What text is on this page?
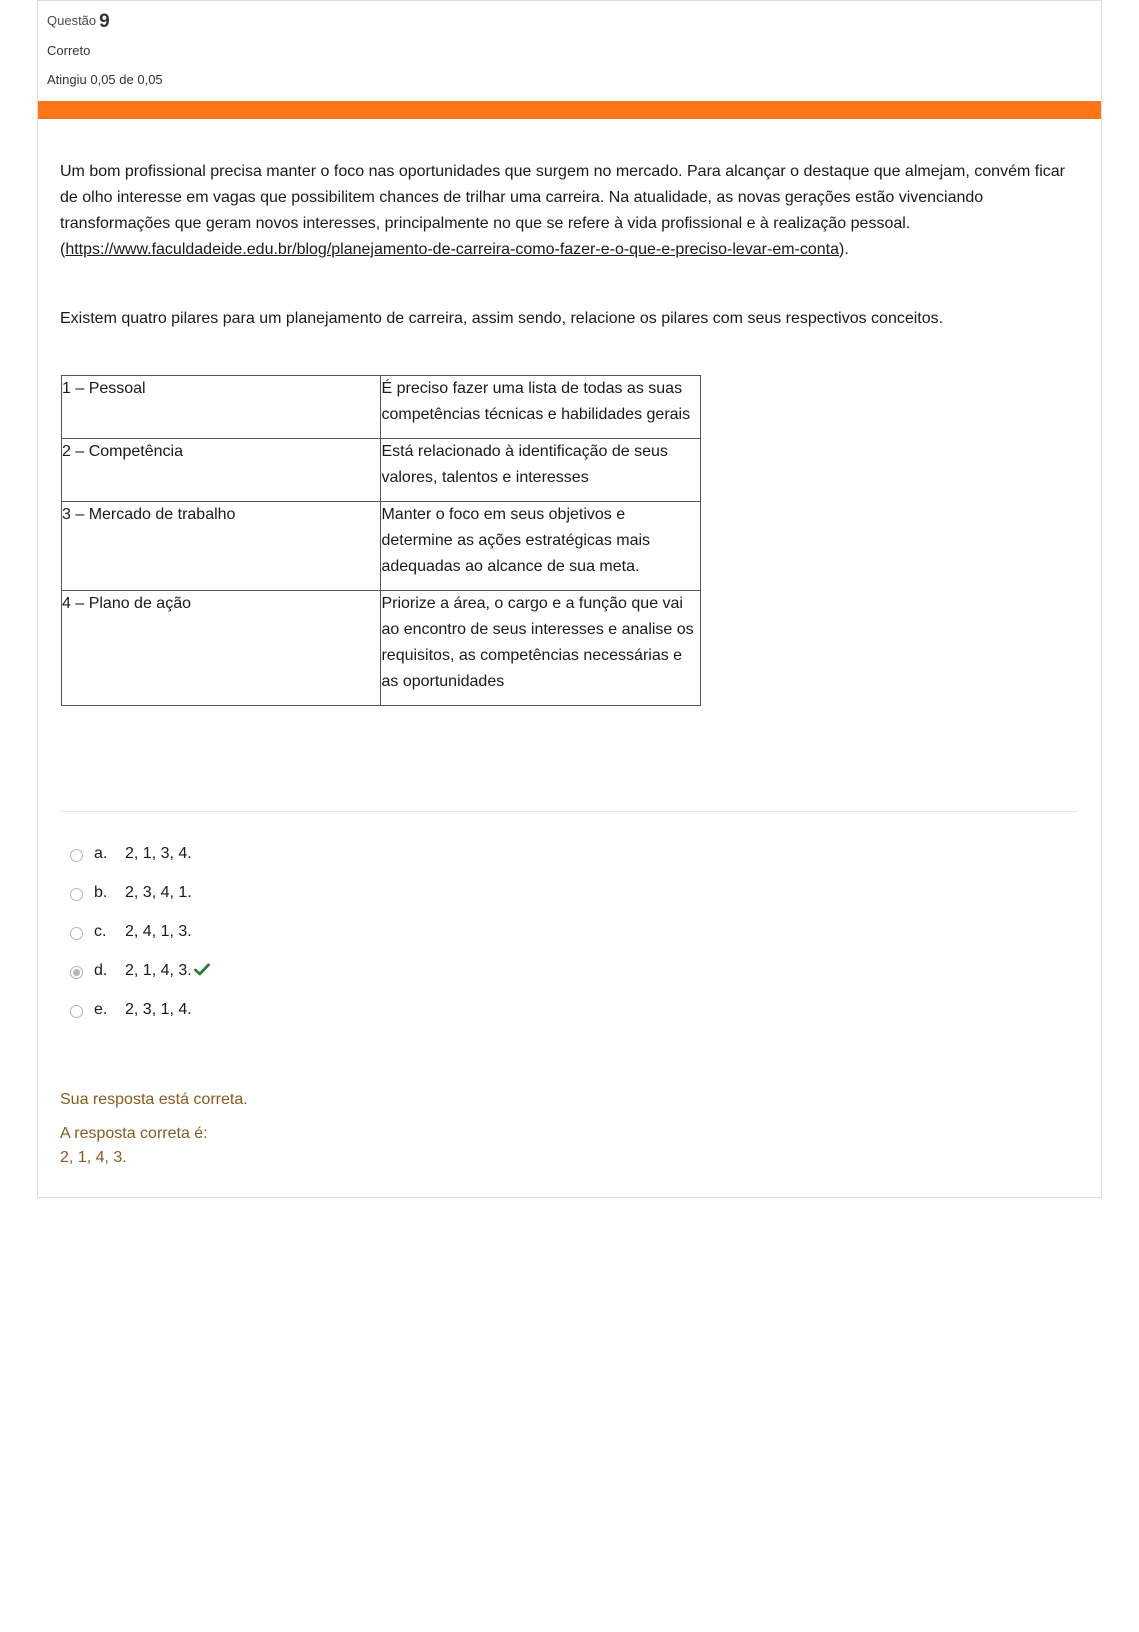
Questão 9
Correto
Atingiu 0,05 de 0,05
Um bom profissional precisa manter o foco nas oportunidades que surgem no mercado. Para alcançar o destaque que almejam, convém ficar de olho interesse em vagas que possibilitem chances de trilhar uma carreira. Na atualidade, as novas gerações estão vivenciando transformações que geram novos interesses, principalmente no que se refere à vida profissional e à realização pessoal.
(https://www.faculdadeide.edu.br/blog/planejamento-de-carreira-como-fazer-e-o-que-e-preciso-levar-em-conta).
Existem quatro pilares para um planejamento de carreira, assim sendo, relacione os pilares com seus respectivos conceitos.
1 – Pessoal	É preciso fazer uma lista de todas as suas competências técnicas e habilidades gerais
2 – Competência	Está relacionado à identificação de seus valores, talentos e interesses
3 – Mercado de trabalho	Manter o foco em seus objetivos e determine as ações estratégicas mais adequadas ao alcance de sua meta.
4 – Plano de ação	Priorize a área, o cargo e a função que vai ao encontro de seus interesses e analise os requisitos, as competências necessárias e as oportunidades
a. 2, 1, 3, 4.
b. 2, 3, 4, 1.
c. 2, 4, 1, 3.
d. 2, 1, 4, 3.
e. 2, 3, 1, 4.
Sua resposta está correta.
A resposta correta é:
2, 1, 4, 3.
